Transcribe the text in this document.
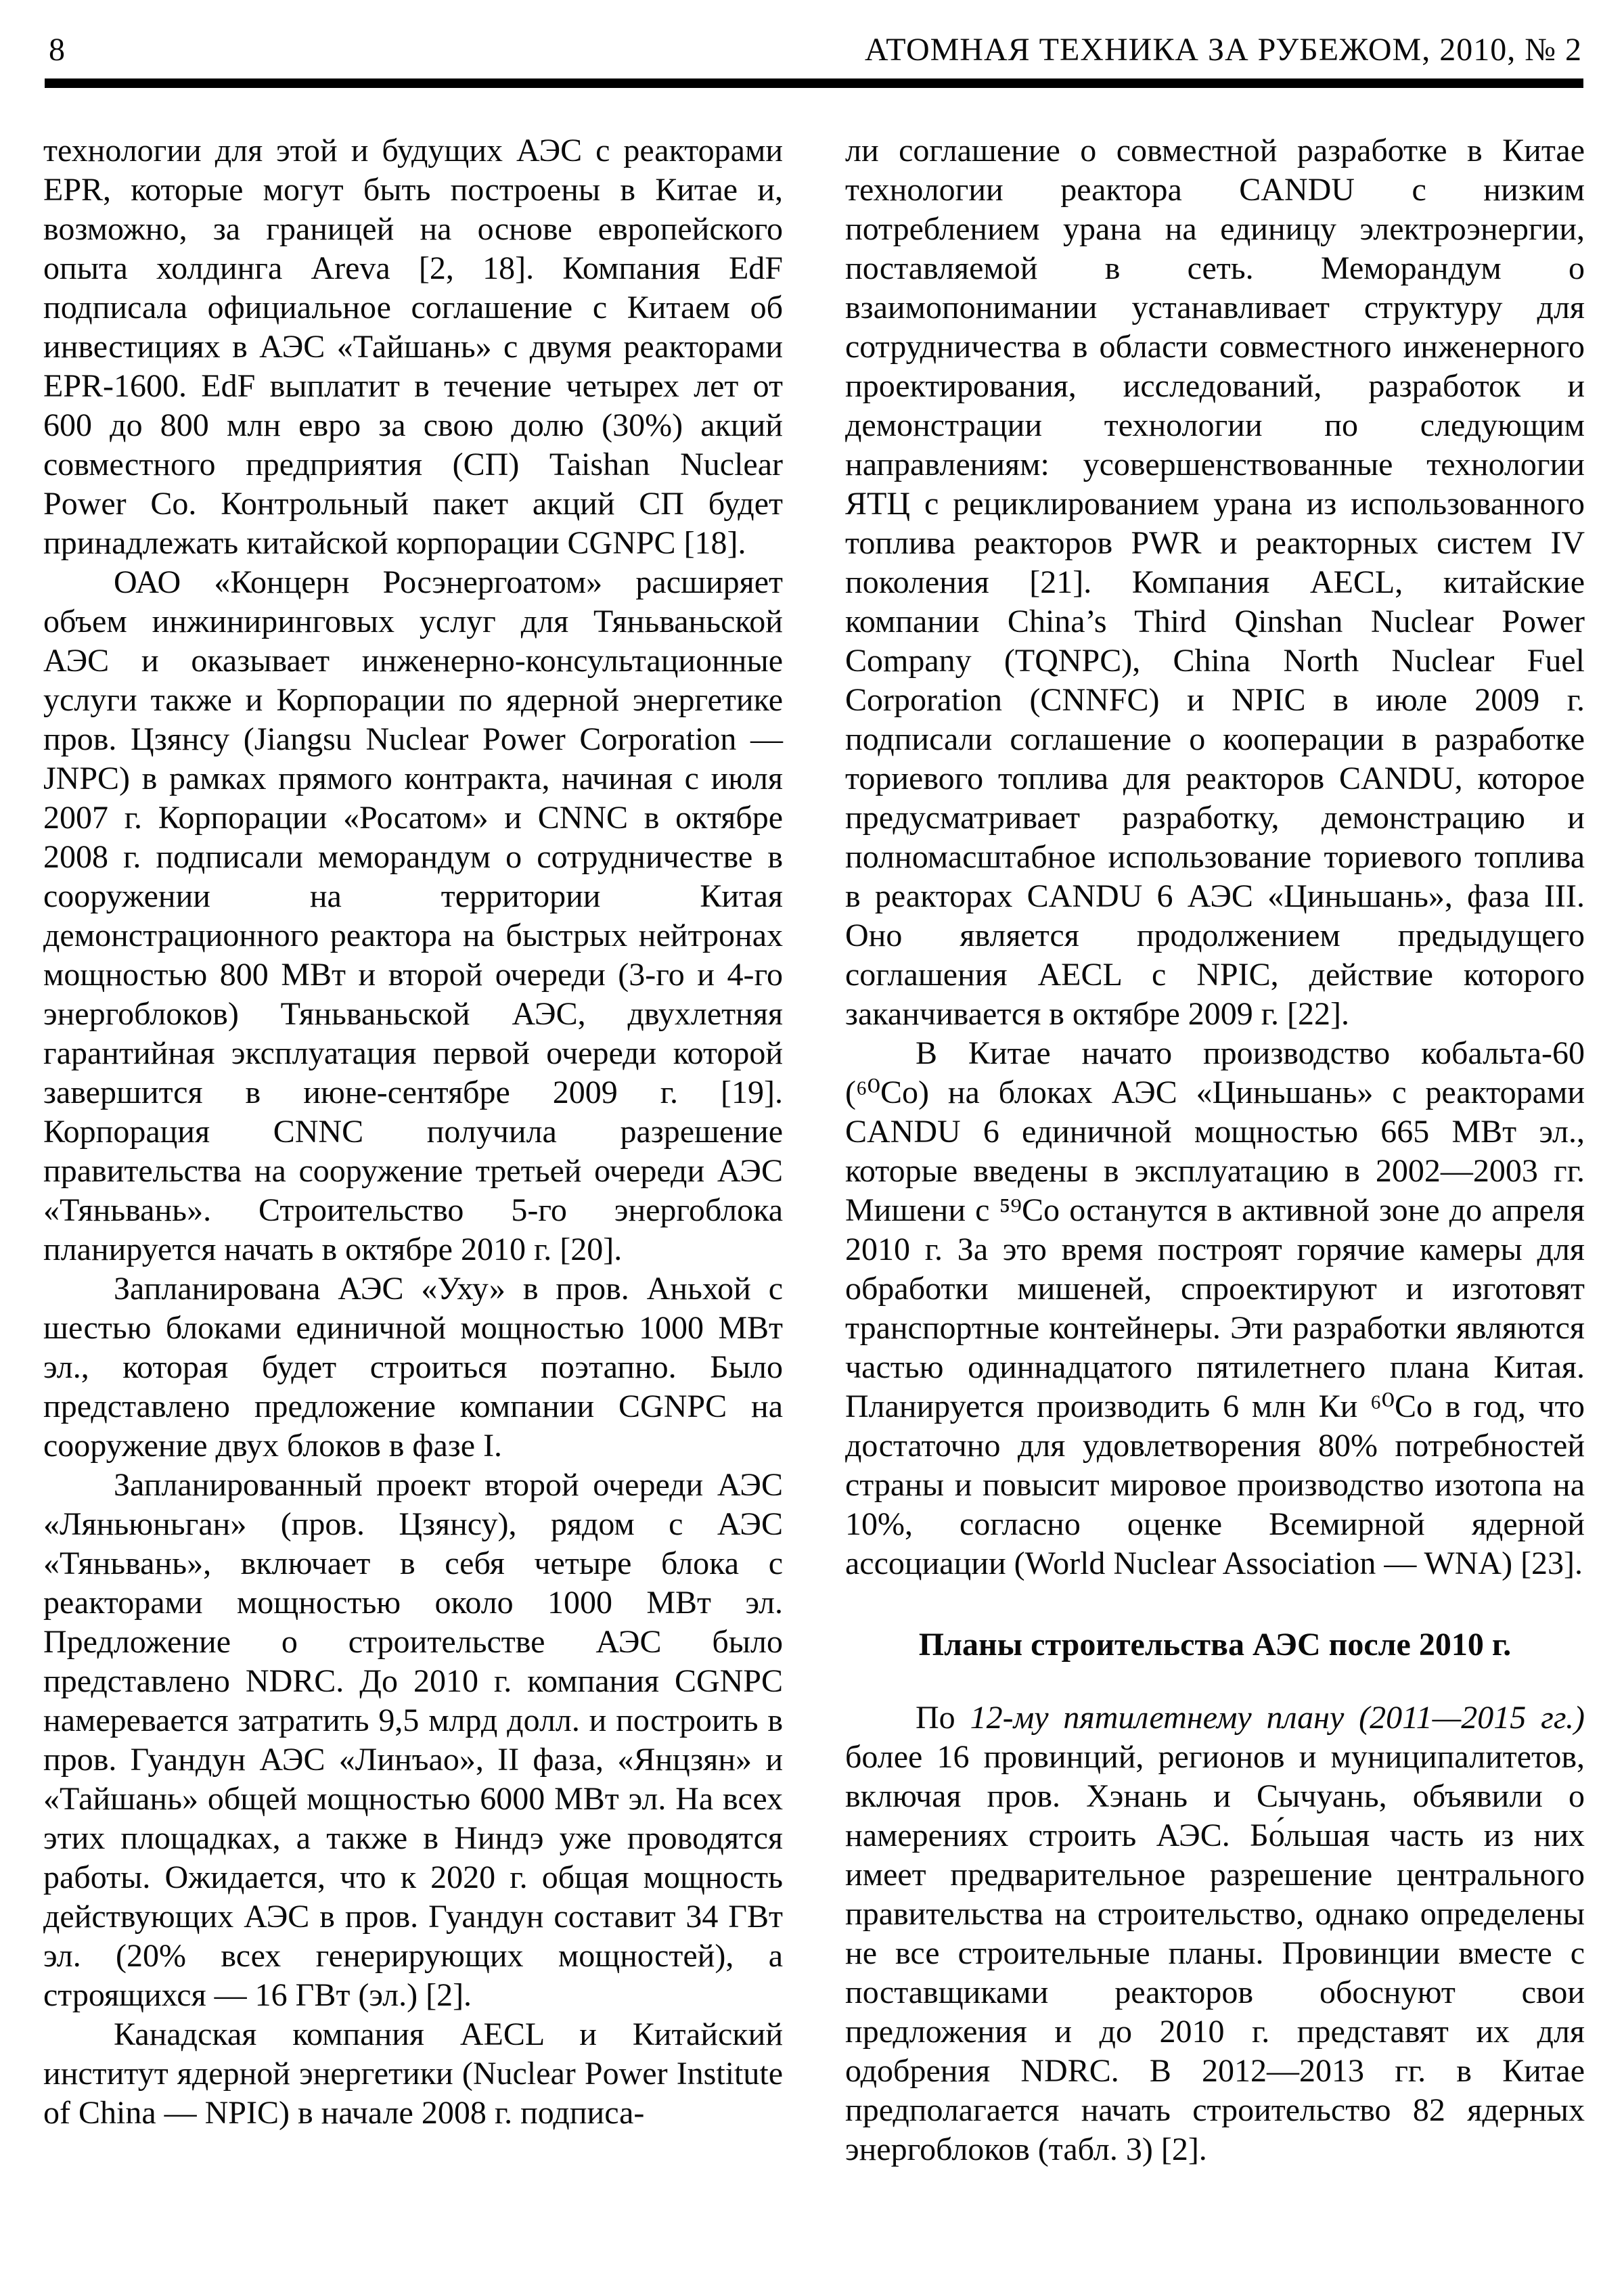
8	АТОМНАЯ ТЕХНИКА ЗА РУБЕЖОМ, 2010, № 2

технологии для этой и будущих АЭС с реакторами EPR, которые могут быть построены в Китае и, возможно, за границей на основе европейского опыта холдинга Areva [2, 18]. Компания EdF подписала официальное соглашение с Китаем об инвестициях в АЭС «Тайшань» с двумя реакторами EPR-1600. EdF выплатит в течение четырех лет от 600 до 800 млн евро за свою долю (30%) акций совместного предприятия (СП) Taishan Nuclear Power Co. Контрольный пакет акций СП будет принадлежать китайской корпорации CGNPC [18].

ОАО «Концерн Росэнергоатом» расширяет объем инжиниринговых услуг для Тяньваньской АЭС и оказывает инженерно-консультационные услуги также и Корпорации по ядерной энергетике пров. Цзянсу (Jiangsu Nuclear Power Corporation — JNPC) в рамках прямого контракта, начиная с июля 2007 г. Корпорации «Росатом» и CNNC в октябре 2008 г. подписали меморандум о сотрудничестве в сооружении на территории Китая демонстрационного реактора на быстрых нейтронах мощностью 800 МВт и второй очереди (3-го и 4-го энергоблоков) Тяньваньской АЭС, двухлетняя гарантийная эксплуатация первой очереди которой завершится в июне-сентябре 2009 г. [19]. Корпорация CNNC получила разрешение правительства на сооружение третьей очереди АЭС «Тяньвань». Строительство 5-го энергоблока планируется начать в октябре 2010 г. [20].

Запланирована АЭС «Уху» в пров. Аньхой с шестью блоками единичной мощностью 1000 МВт эл., которая будет строиться поэтапно. Было представлено предложение компании CGNPC на сооружение двух блоков в фазе I.

Запланированный проект второй очереди АЭС «Ляньюньган» (пров. Цзянсу), рядом с АЭС «Тяньвань», включает в себя четыре блока с реакторами мощностью около 1000 МВт эл. Предложение о строительстве АЭС было представлено NDRC. До 2010 г. компания CGNPC намеревается затратить 9,5 млрд долл. и построить в пров. Гуандун АЭС «Линъао», II фаза, «Янцзян» и «Тайшань» общей мощностью 6000 МВт эл. На всех этих площадках, а также в Ниндэ уже проводятся работы. Ожидается, что к 2020 г. общая мощность действующих АЭС в пров. Гуандун составит 34 ГВт эл. (20% всех генерирующих мощностей), а строящихся — 16 ГВт (эл.) [2].

Канадская компания AECL и Китайский институт ядерной энергетики (Nuclear Power Institute of China — NPIC) в начале 2008 г. подписа-

ли соглашение о совместной разработке в Китае технологии реактора CANDU с низким потреблением урана на единицу электроэнергии, поставляемой в сеть. Меморандум о взаимопонимании устанавливает структуру для сотрудничества в области совместного инженерного проектирования, исследований, разработок и демонстрации технологии по следующим направлениям: усовершенствованные технологии ЯТЦ с рециклированием урана из использованного топлива реакторов PWR и реакторных систем IV поколения [21]. Компания AECL, китайские компании China’s Third Qinshan Nuclear Power Company (TQNPC), China North Nuclear Fuel Corporation (CNNFC) и NPIC в июле 2009 г. подписали соглашение о кооперации в разработке ториевого топлива для реакторов CANDU, которое предусматривает разработку, демонстрацию и полномасштабное использование ториевого топлива в реакторах CANDU 6 АЭС «Циньшань», фаза III. Оно является продолжением предыдущего соглашения AECL с NPIC, действие которого заканчивается в октябре 2009 г. [22].

В Китае начато производство кобальта-60 (⁶⁰Co) на блоках АЭС «Циньшань» с реакторами CANDU 6 единичной мощностью 665 МВт эл., которые введены в эксплуатацию в 2002—2003 гг. Мишени с ⁵⁹Co останутся в активной зоне до апреля 2010 г. За это время построят горячие камеры для обработки мишеней, спроектируют и изготовят транспортные контейнеры. Эти разработки являются частью одиннадцатого пятилетнего плана Китая. Планируется производить 6 млн Ки ⁶⁰Co в год, что достаточно для удовлетворения 80% потребностей страны и повысит мировое производство изотопа на 10%, согласно оценке Всемирной ядерной ассоциации (World Nuclear Association — WNA) [23].

Планы строительства АЭС после 2010 г.

По 12-му пятилетнему плану (2011—2015 гг.) более 16 провинций, регионов и муниципалитетов, включая пров. Хэнань и Сычуань, объявили о намерениях строить АЭС. Бо́льшая часть из них имеет предварительное разрешение центрального правительства на строительство, однако определены не все строительные планы. Провинции вместе с поставщиками реакторов обоснуют свои предложения и до 2010 г. представят их для одобрения NDRC. В 2012—2013 гг. в Китае предполагается начать строительство 82 ядерных энергоблоков (табл. 3) [2].
